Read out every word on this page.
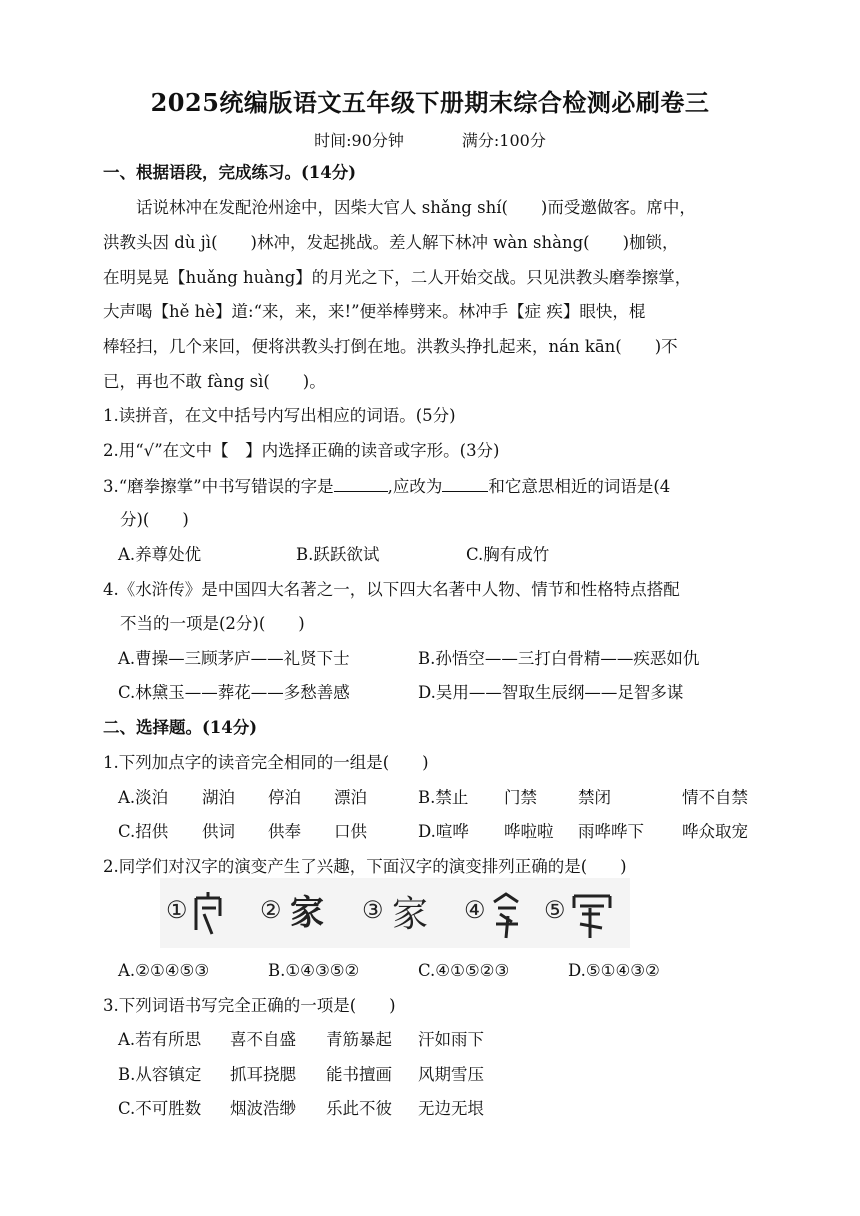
2025统编版语文五年级下册期末综合检测必刷卷三
时间:90分钟	满分:100分
一、根据语段，完成练习。(14分)
话说林冲在发配沧州途中，因柴大官人 shǎng shí(　　)而受邀做客。席中，
洪教头因 dù jì(　　)林冲，发起挑战。差人解下林冲 wàn shàng(　　)枷锁，
在明晃晃【huǎng huàng】的月光之下，二人开始交战。只见洪教头磨拳擦掌，
大声喝【hě hè】道:“来，来，来!”便举棒劈来。林冲手【症 疾】眼快，棍
棒轻扫，几个来回，便将洪教头打倒在地。洪教头挣扎起来，nán kān(　　)不
已，再也不敢 fàng sì(　　)。
1.读拼音，在文中括号内写出相应的词语。(5分)
2.用“√”在文中【　】内选择正确的读音或字形。(3分)
3.“磨拳擦掌”中书写错误的字是	,应改为	和它意思相近的词语是(4
分)(　　)
A.养尊处优	B.跃跃欲试	C.胸有成竹
4.《水浒传》是中国四大名著之一，以下四大名著中人物、情节和性格特点搭配
不当的一项是(2分)(　　)
A.曹操—三顾茅庐——礼贤下士	B.孙悟空——三打白骨精——疾恶如仇
C.林黛玉——葬花——多愁善感	D.吴用——智取生辰纲——足智多谋
二、选择题。(14分)
1.下列加点字的读音完全相同的一组是(　　)
A.淡泊 湖泊 停泊 漂泊	B.禁止 门禁 禁闭	情不自禁
C.招供 供词 供奉 口供	D.喧哗 哗啦啦 雨哗哗下 哗众取宠
2.同学们对汉字的演变产生了兴趣，下面汉字的演变排列正确的是(　　)
①	② 家 ③ 家 ④ ⑤
A.②①④⑤③	B.①④③⑤②	C.④①⑤②③	D.⑤①④③②
3.下列词语书写完全正确的一项是(　　)
A.若有所思 喜不自盛 青筋暴起 汗如雨下
B.从容镇定 抓耳挠腮 能书擅画 风期雪压
C.不可胜数 烟波浩缈 乐此不彼 无边无垠
